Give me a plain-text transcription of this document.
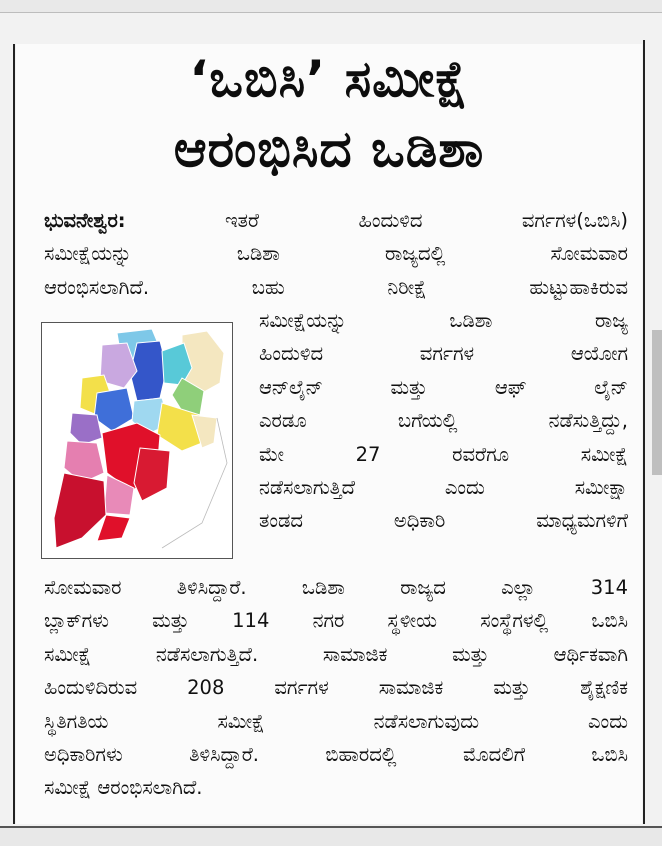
‘ಒಬಿಸಿ’ ಸಮೀಕ್ಷೆ
ಆರಂಭಿಸಿದ ಒಡಿಶಾ
ಭುವನೇಶ್ವರ:	ಇತರೆ ಹಿಂದುಳಿದ ವರ್ಗಗಳ(ಒಬಿಸಿ)
ಸಮೀಕ್ಷೆಯನ್ನು ಒಡಿಶಾ ರಾಜ್ಯದಲ್ಲಿ ಸೋಮವಾರ
ಆರಂಭಿಸಲಾಗಿದೆ. ಬಹು ನಿರೀಕ್ಷೆ ಹುಟ್ಟುಹಾಕಿರುವ
ಸಮೀಕ್ಷೆಯನ್ನು ಒಡಿಶಾ ರಾಜ್ಯ
ಹಿಂದುಳಿದ ವರ್ಗಗಳ ಆಯೋಗ
ಆನ್‌ಲೈನ್ ಮತ್ತು ಆಫ್ ಲೈನ್
ಎರಡೂ ಬಗೆಯಲ್ಲಿ ನಡೆಸುತ್ತಿದ್ದು,
ಮೇ 27 ರವರೆಗೂ ಸಮೀಕ್ಷೆ
ನಡೆಸಲಾಗುತ್ತಿದೆ ಎಂದು ಸಮೀಕ್ಷಾ
ತಂಡದ ಅಧಿಕಾರಿ ಮಾಧ್ಯಮಗಳಿಗೆ
ಸೋಮವಾರ ತಿಳಿಸಿದ್ದಾರೆ. ಒಡಿಶಾ ರಾಜ್ಯದ ಎಲ್ಲಾ 314
ಬ್ಲಾಕ್‌ಗಳು ಮತ್ತು 114 ನಗರ ಸ್ಥಳೀಯ ಸಂಸ್ಥೆಗಳಲ್ಲಿ ಒಬಿಸಿ
ಸಮೀಕ್ಷೆ ನಡೆಸಲಾಗುತ್ತಿದೆ. ಸಾಮಾಜಿಕ ಮತ್ತು ಆರ್ಥಿಕವಾಗಿ
ಹಿಂದುಳಿದಿರುವ 208 ವರ್ಗಗಳ ಸಾಮಾಜಿಕ ಮತ್ತು ಶೈಕ್ಷಣಿಕ
ಸ್ಥಿತಿಗತಿಯ ಸಮೀಕ್ಷೆ ನಡೆಸಲಾಗುವುದು ಎಂದು
ಅಧಿಕಾರಿಗಳು ತಿಳಿಸಿದ್ದಾರೆ. ಬಿಹಾರದಲ್ಲಿ ಮೊದಲಿಗೆ ಒಬಿಸಿ
ಸಮೀಕ್ಷೆ ಆರಂಭಿಸಲಾಗಿದೆ.
